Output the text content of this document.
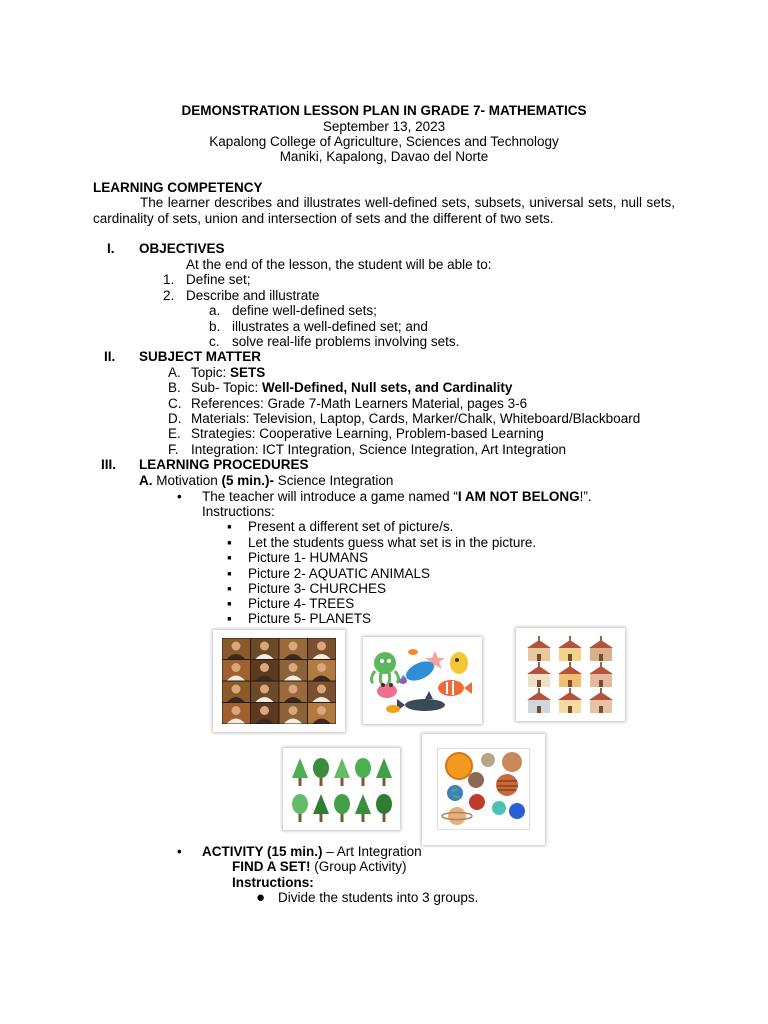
DEMONSTRATION LESSON PLAN IN GRADE 7- MATHEMATICS
September 13, 2023
Kapalong College of Agriculture, Sciences and Technology
Maniki, Kapalong, Davao del Norte
LEARNING COMPETENCY
The learner describes and illustrates well-defined sets, subsets, universal sets, null sets, cardinality of sets, union and intersection of sets and the different of two sets.
I. OBJECTIVES
At the end of the lesson, the student will be able to:
1. Define set;
2. Describe and illustrate
a. define well-defined sets;
b. illustrates a well-defined set; and
c. solve real-life problems involving sets.
II. SUBJECT MATTER
A. Topic: SETS
B. Sub- Topic: Well-Defined, Null sets, and Cardinality
C. References: Grade 7-Math Learners Material, pages 3-6
D. Materials: Television, Laptop, Cards, Marker/Chalk, Whiteboard/Blackboard
E. Strategies: Cooperative Learning, Problem-based Learning
F. Integration: ICT Integration, Science Integration, Art Integration
III. LEARNING PROCEDURES
A. Motivation (5 min.)- Science Integration
•
The teacher will introduce a game named “I AM NOT BELONG!”.
Instructions:
▪
Present a different set of picture/s.
▪
Let the students guess what set is in the picture.
▪
Picture 1- HUMANS
▪
Picture 2- AQUATIC ANIMALS
▪
Picture 3- CHURCHES
▪
Picture 4- TREES
▪
Picture 5- PLANETS
•
ACTIVITY (15 min.) – Art Integration
FIND A SET! (Group Activity)
Instructions:
● Divide the students into 3 groups.
